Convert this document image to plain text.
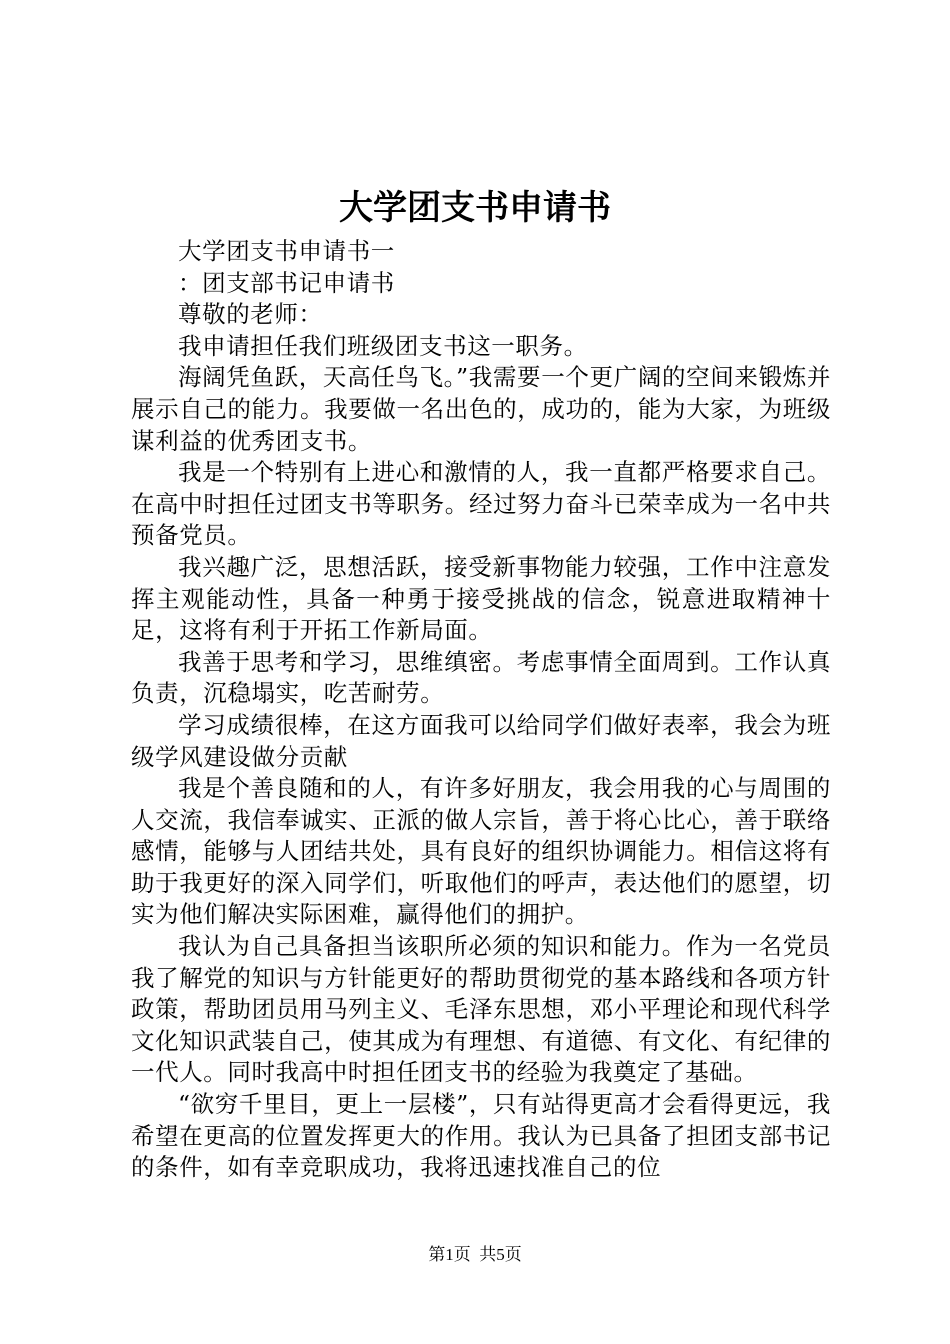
大学团支书申请书

大学团支书申请书一

：团支部书记申请书

尊敬的老师：

我申请担任我们班级团支书这一职务。

海阔凭鱼跃，天高任鸟飞。”我需要一个更广阔的空间来锻炼并展示自己的能力。我要做一名出色的，成功的，能为大家，为班级谋利益的优秀团支书。

我是一个特别有上进心和激情的人，我一直都严格要求自己。在高中时担任过团支书等职务。经过努力奋斗已荣幸成为一名中共预备党员。

我兴趣广泛，思想活跃，接受新事物能力较强，工作中注意发挥主观能动性，具备一种勇于接受挑战的信念，锐意进取精神十足，这将有利于开拓工作新局面。

我善于思考和学习，思维缜密。考虑事情全面周到。工作认真负责，沉稳塌实，吃苦耐劳。

学习成绩很棒，在这方面我可以给同学们做好表率，我会为班级学风建设做分贡献

我是个善良随和的人，有许多好朋友，我会用我的心与周围的人交流，我信奉诚实、正派的做人宗旨，善于将心比心，善于联络感情，能够与人团结共处，具有良好的组织协调能力。相信这将有助于我更好的深入同学们，听取他们的呼声，表达他们的愿望，切实为他们解决实际困难，赢得他们的拥护。

我认为自己具备担当该职所必须的知识和能力。作为一名党员我了解党的知识与方针能更好的帮助贯彻党的基本路线和各项方针政策，帮助团员用马列主义、毛泽东思想，邓小平理论和现代科学文化知识武装自己，使其成为有理想、有道德、有文化、有纪律的一代人。同时我高中时担任团支书的经验为我奠定了基础。

“欲穷千里目，更上一层楼”，只有站得更高才会看得更远，我希望在更高的位置发挥更大的作用。我认为已具备了担团支部书记的条件，如有幸竞职成功，我将迅速找准自己的位

第1页  共5页
